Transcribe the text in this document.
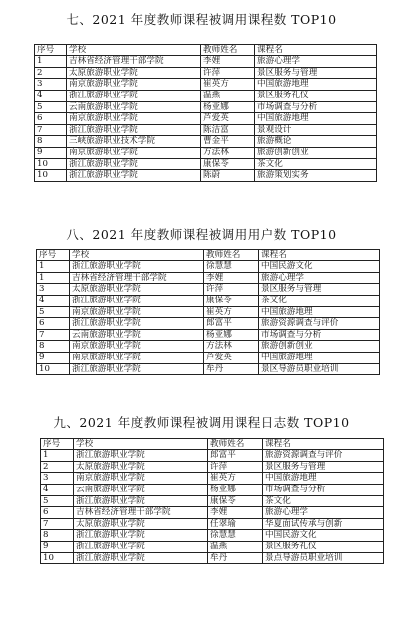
七、2021 年度教师课程被调用课程数 TOP10
序号	学校	教师姓名	课程名
1	吉林省经济管理干部学院	李娌	旅游心理学
2	太原旅游职业学院	许萍	景区服务与管理
3	南京旅游职业学院	崔英方	中国旅游地理
4	浙江旅游职业学院	温燕	景区服务礼仪
5	云南旅游职业学院	杨亚娜	市场调查与分析
6	南京旅游职业学院	芦爱英	中国旅游地理
7	浙江旅游职业学院	陈洁富	景观设计
8	三峡旅游职业技术学院	曹金平	旅游概论
9	南京旅游职业学院	方法林	旅游创新创业
10	浙江旅游职业学院	康保苓	茶文化
10	浙江旅游职业学院	陈蔚	旅游策划实务
八、2021 年度教师课程被调用用户数 TOP10
序号	学校	教师姓名	课程名
1	浙江旅游职业学院	徐慧慧	中国民游文化
1	吉林省经济管理干部学院	李娌	旅游心理学
3	太原旅游职业学院	许萍	景区服务与管理
4	浙江旅游职业学院	康保苓	茶文化
5	南京旅游职业学院	崔英方	中国旅游地理
6	浙江旅游职业学院	郎富平	旅游资源调查与评价
7	云南旅游职业学院	杨亚娜	市场调查与分析
8	南京旅游职业学院	方法林	旅游创新创业
9	南京旅游职业学院	芦爱英	中国旅游地理
10	浙江旅游职业学院	牟丹	景区导游员职业培训
九、2021 年度教师课程被调用课程日志数 TOP10
序号	学校	教师姓名	课程名
1	浙江旅游职业学院	郎富平	旅游资源调查与评价
2	太原旅游职业学院	许萍	景区服务与管理
3	南京旅游职业学院	崔英方	中国旅游地理
4	云南旅游职业学院	杨亚娜	市场调查与分析
5	浙江旅游职业学院	康保苓	茶文化
6	吉林省经济管理干部学院	李娌	旅游心理学
7	太原旅游职业学院	任翠瑜	华夏面试传承与创新
8	浙江旅游职业学院	徐慧慧	中国民游文化
9	浙江旅游职业学院	温燕	景区服务礼仪
10	浙江旅游职业学院	牟丹	景点导游员职业培训
